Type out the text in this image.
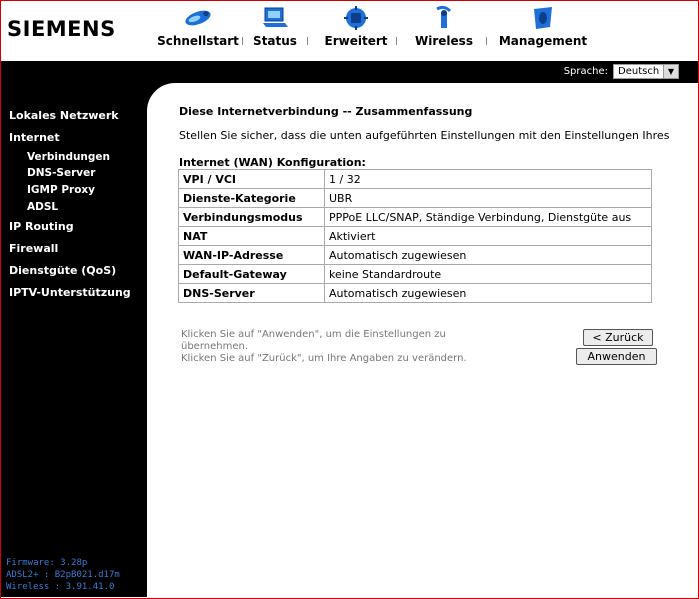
SIEMENS	Schnellstart Status Erweitert Wireless Management
Sprache: Deutsch	▼
Lokales Netzwerk
Internet
Verbindungen
DNS-Server
IGMP Proxy
ADSL
IP Routing
Firewall
Dienstgüte (QoS)
IPTV-Unterstützung
Firmware: 3.28p
ADSL2+ : B2pB021.d17m
Wireless : 3.91.41.0
Diese Internetverbindung -- Zusammenfassung
Stellen Sie sicher, dass die unten aufgeführten Einstellungen mit den Einstellungen Ihres
Internet (WAN) Konfiguration:
VPI / VCI	1 / 32
Dienste-Kategorie	UBR
Verbindungsmodus	PPPoE LLC/SNAP, Ständige Verbindung, Dienstgüte aus
NAT	Aktiviert
WAN-IP-Adresse	Automatisch zugewiesen
Default-Gateway	keine Standardroute
DNS-Server	Automatisch zugewiesen
Klicken Sie auf "Anwenden", um die Einstellungen zu
übernehmen.
Klicken Sie auf "Zurück", um Ihre Angaben zu verändern.
< Zurück
Anwenden
